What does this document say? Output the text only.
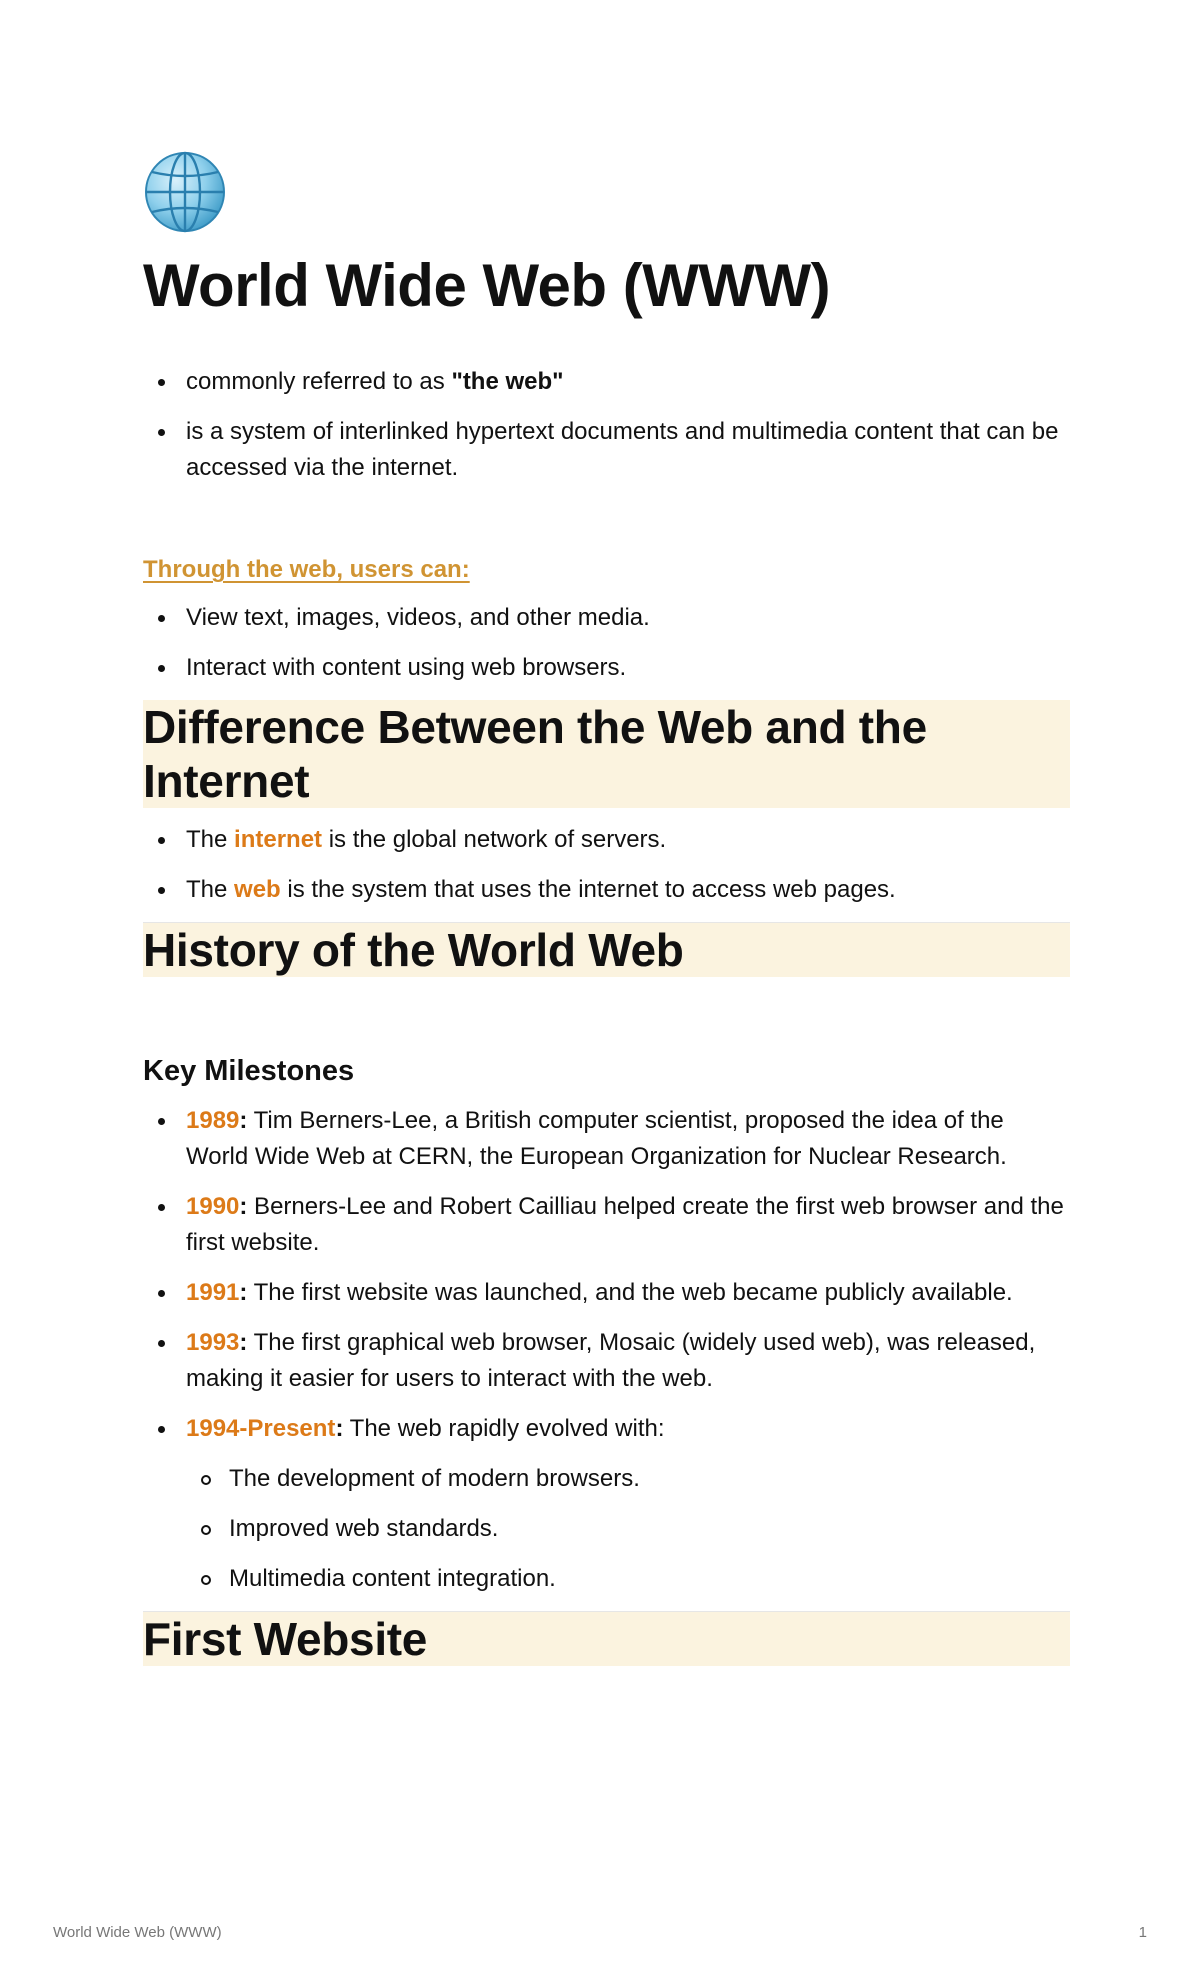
World Wide Web (WWW)
commonly referred to as "the web"
is a system of interlinked hypertext documents and multimedia content that can be accessed via the internet.
Through the web, users can:
View text, images, videos, and other media.
Interact with content using web browsers.
Difference Between the Web and the Internet
The internet is the global network of servers.
The web is the system that uses the internet to access web pages.
History of the World Web
Key Milestones
1989: Tim Berners-Lee, a British computer scientist, proposed the idea of the World Wide Web at CERN, the European Organization for Nuclear Research.
1990: Berners-Lee and Robert Cailliau helped create the first web browser and the first website.
1991: The first website was launched, and the web became publicly available.
1993: The first graphical web browser, Mosaic (widely used web), was released, making it easier for users to interact with the web.
1994-Present: The web rapidly evolved with:
The development of modern browsers.
Improved web standards.
Multimedia content integration.
First Website
World Wide Web (WWW)	1
